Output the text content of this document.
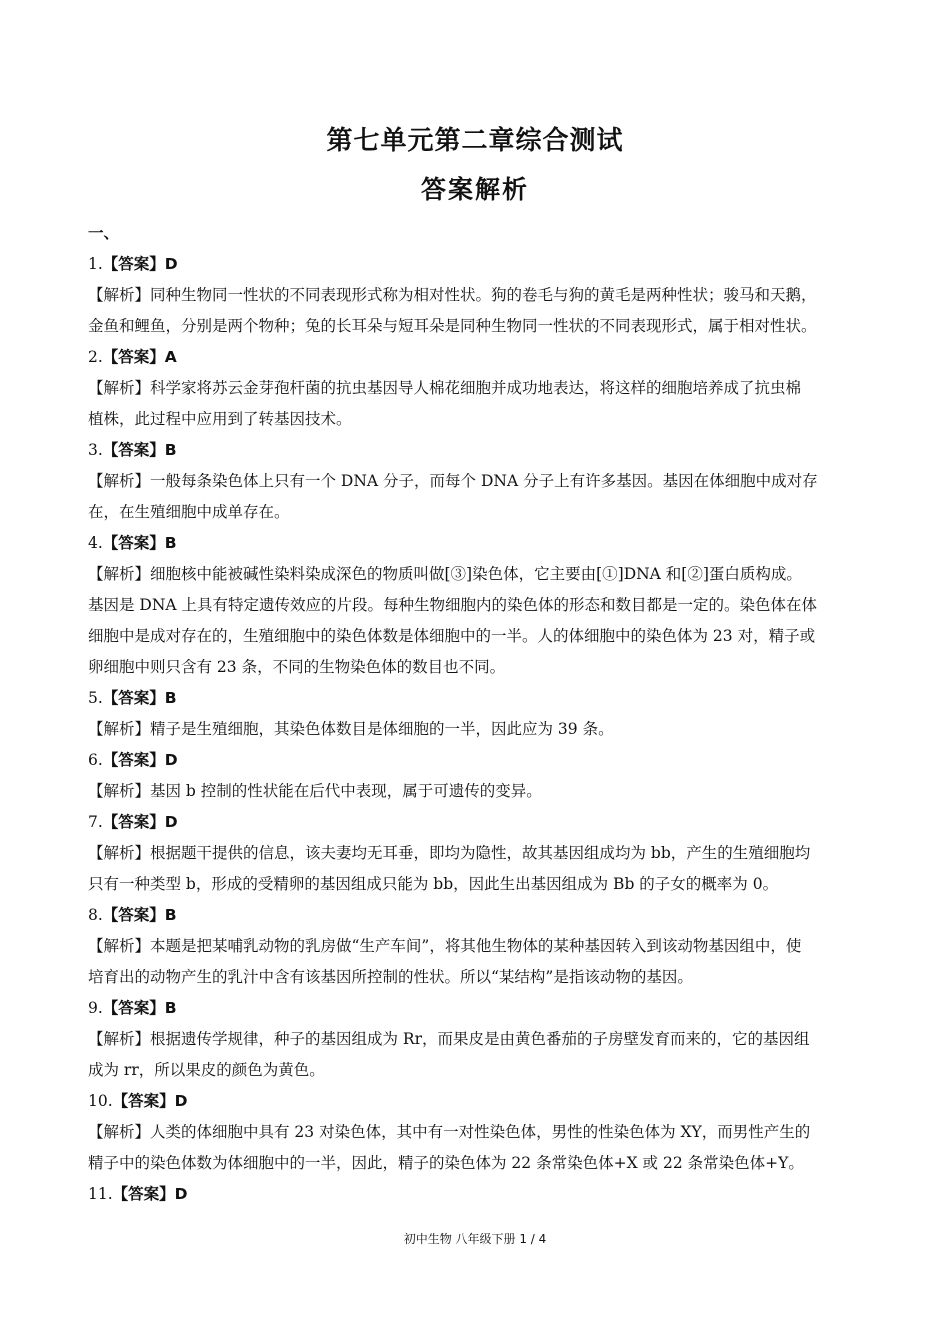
第七单元第二章综合测试
答案解析
一、
1.【答案】D
【解析】同种生物同一性状的不同表现形式称为相对性状。狗的卷毛与狗的黄毛是两种性状；骏马和天鹅，
金鱼和鲤鱼，分别是两个物种；兔的长耳朵与短耳朵是同种生物同一性状的不同表现形式，属于相对性状。
2.【答案】A
【解析】科学家将苏云金芽孢杆菌的抗虫基因导人棉花细胞并成功地表达，将这样的细胞培养成了抗虫棉
植株，此过程中应用到了转基因技术。
3.【答案】B
【解析】一般每条染色体上只有一个 DNA 分子，而每个 DNA 分子上有许多基因。基因在体细胞中成对存
在，在生殖细胞中成单存在。
4.【答案】B
【解析】细胞核中能被碱性染料染成深色的物质叫做[③]染色体，它主要由[①]DNA 和[②]蛋白质构成。
基因是 DNA 上具有特定遗传效应的片段。每种生物细胞内的染色体的形态和数目都是一定的。染色体在体
细胞中是成对存在的，生殖细胞中的染色体数是体细胞中的一半。人的体细胞中的染色体为 23 对，精子或
卵细胞中则只含有 23 条，不同的生物染色体的数目也不同。
5.【答案】B
【解析】精子是生殖细胞，其染色体数目是体细胞的一半，因此应为 39 条。
6.【答案】D
【解析】基因 b 控制的性状能在后代中表现，属于可遗传的变异。
7.【答案】D
【解析】根据题干提供的信息，该夫妻均无耳垂，即均为隐性，故其基因组成均为 bb，产生的生殖细胞均
只有一种类型 b，形成的受精卵的基因组成只能为 bb，因此生出基因组成为 Bb 的子女的概率为 0。
8.【答案】B
【解析】本题是把某哺乳动物的乳房做“生产车间”，将其他生物体的某种基因转入到该动物基因组中，使
培育出的动物产生的乳汁中含有该基因所控制的性状。所以“某结构”是指该动物的基因。
9.【答案】B
【解析】根据遗传学规律，种子的基因组成为 Rr，而果皮是由黄色番茄的子房壁发育而来的，它的基因组
成为 rr，所以果皮的颜色为黄色。
10.【答案】D
【解析】人类的体细胞中具有 23 对染色体，其中有一对性染色体，男性的性染色体为 XY，而男性产生的
精子中的染色体数为体细胞中的一半，因此，精子的染色体为 22 条常染色体+X 或 22 条常染色体+Y。
11.【答案】D
初中生物 八年级下册 1 / 4
